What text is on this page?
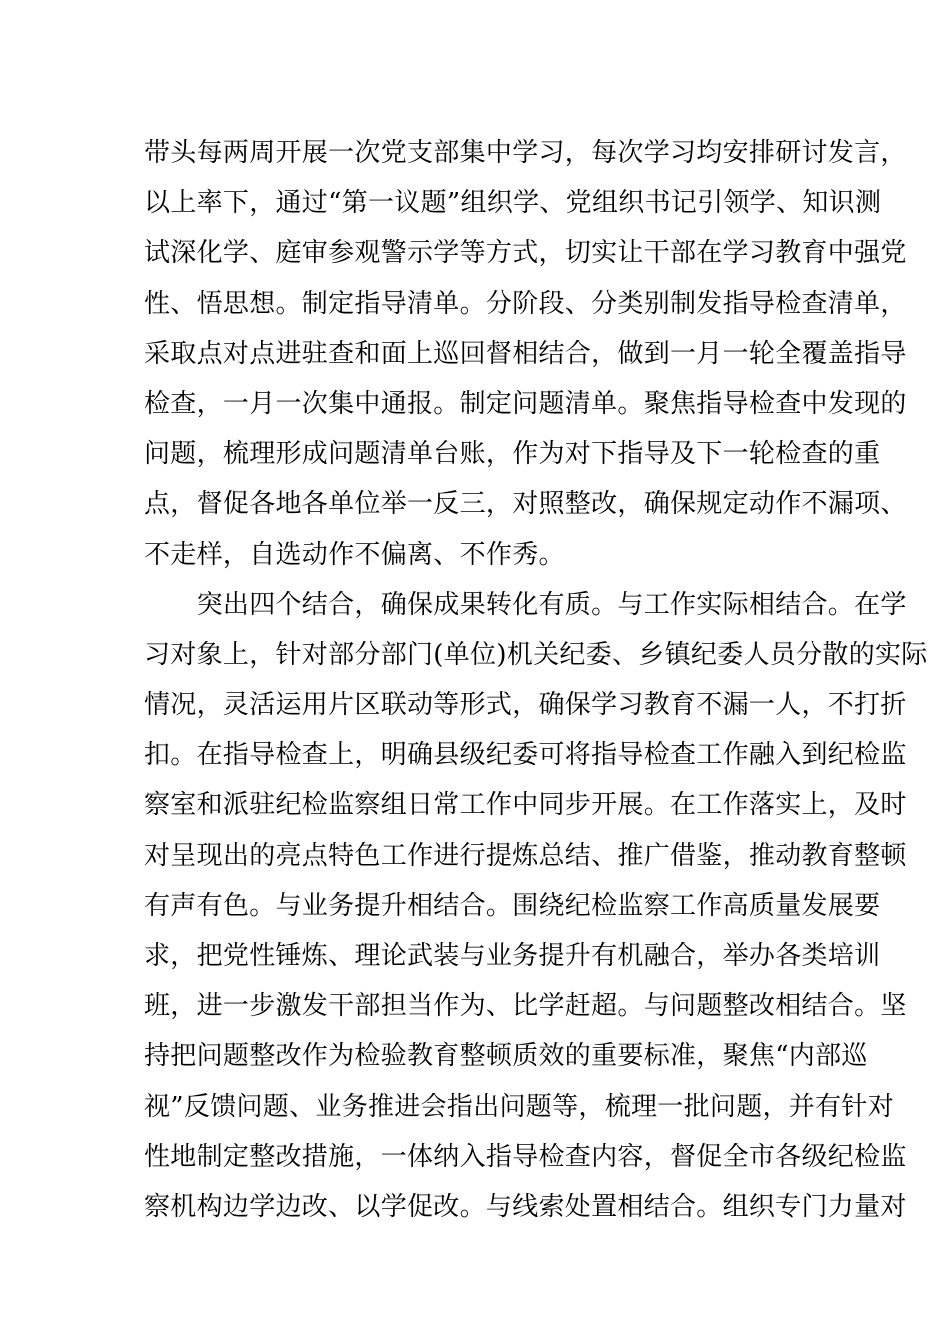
带头每两周开展一次党支部集中学习，每次学习均安排研讨发言，
以上率下，通过“第一议题”组织学、党组织书记引领学、知识测
试深化学、庭审参观警示学等方式，切实让干部在学习教育中强党
性、悟思想。制定指导清单。分阶段、分类别制发指导检查清单，
采取点对点进驻查和面上巡回督相结合，做到一月一轮全覆盖指导
检查，一月一次集中通报。制定问题清单。聚焦指导检查中发现的
问题，梳理形成问题清单台账，作为对下指导及下一轮检查的重
点，督促各地各单位举一反三，对照整改，确保规定动作不漏项、
不走样，自选动作不偏离、不作秀。
　　突出四个结合，确保成果转化有质。与工作实际相结合。在学
习对象上，针对部分部门(单位)机关纪委、乡镇纪委人员分散的实际
情况，灵活运用片区联动等形式，确保学习教育不漏一人，不打折
扣。在指导检查上，明确县级纪委可将指导检查工作融入到纪检监
察室和派驻纪检监察组日常工作中同步开展。在工作落实上，及时
对呈现出的亮点特色工作进行提炼总结、推广借鉴，推动教育整顿
有声有色。与业务提升相结合。围绕纪检监察工作高质量发展要
求，把党性锤炼、理论武装与业务提升有机融合，举办各类培训
班，进一步激发干部担当作为、比学赶超。与问题整改相结合。坚
持把问题整改作为检验教育整顿质效的重要标准，聚焦“内部巡
视”反馈问题、业务推进会指出问题等，梳理一批问题，并有针对
性地制定整改措施，一体纳入指导检查内容，督促全市各级纪检监
察机构边学边改、以学促改。与线索处置相结合。组织专门力量对
